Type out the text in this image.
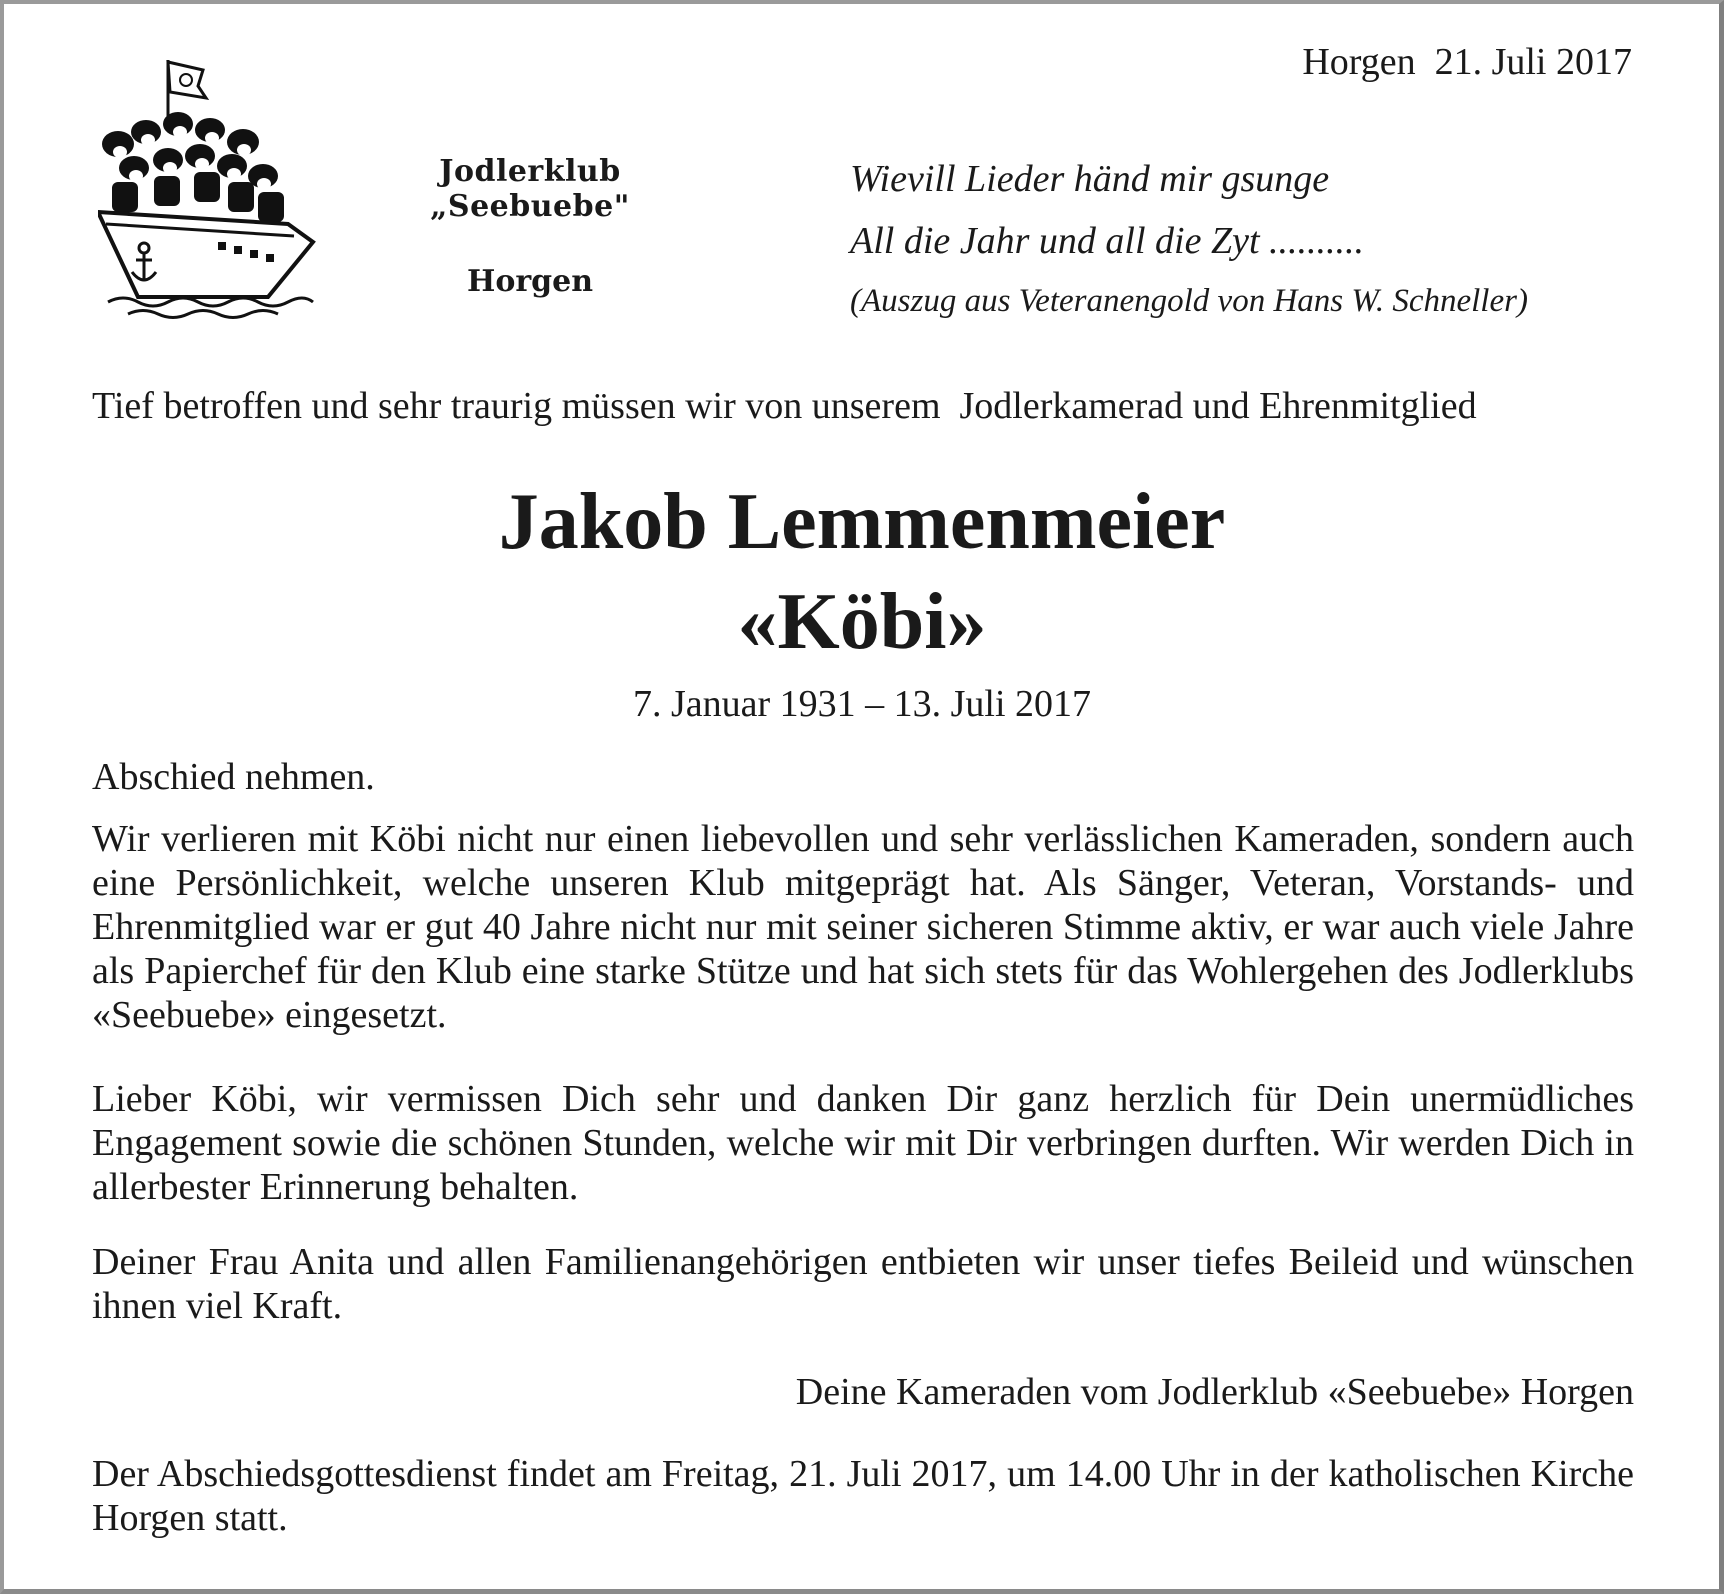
Jodlerklub „Seebuebe"
Horgen
Horgen  21. Juli 2017
Wievill Lieder händ mir gsunge
All die Jahr und all die Zyt ..........
(Auszug aus Veteranengold von Hans W. Schneller)
Tief betroffen und sehr traurig müssen wir von unserem  Jodlerkamerad und Ehrenmitglied
Jakob Lemmenmeier
«Köbi»
7. Januar 1931 – 13. Juli 2017
Abschied nehmen.
Wir verlieren mit Köbi nicht nur einen liebevollen und sehr verlässlichen Kameraden, sondern auch eine Persönlichkeit, welche unseren Klub mitgeprägt hat. Als Sänger, Veteran, Vorstands- und Ehrenmitglied war er gut 40 Jahre nicht nur mit seiner sicheren Stimme aktiv, er war auch viele Jahre als Papierchef für den Klub eine starke Stütze und hat sich stets für das Wohlergehen des Jodlerklubs «Seebuebe» eingesetzt.
Lieber Köbi, wir vermissen Dich sehr und danken Dir ganz herzlich für Dein unermüdliches Engagement sowie die schönen Stunden, welche wir mit Dir verbringen durften. Wir werden Dich in allerbester Erinnerung behalten.
Deiner Frau Anita und allen Familienangehörigen entbieten wir unser tiefes Beileid und wünschen ihnen viel Kraft.
Deine Kameraden vom Jodlerklub «Seebuebe» Horgen
Der Abschiedsgottesdienst findet am Freitag, 21. Juli 2017, um 14.00 Uhr in der katholischen Kirche Horgen statt.
